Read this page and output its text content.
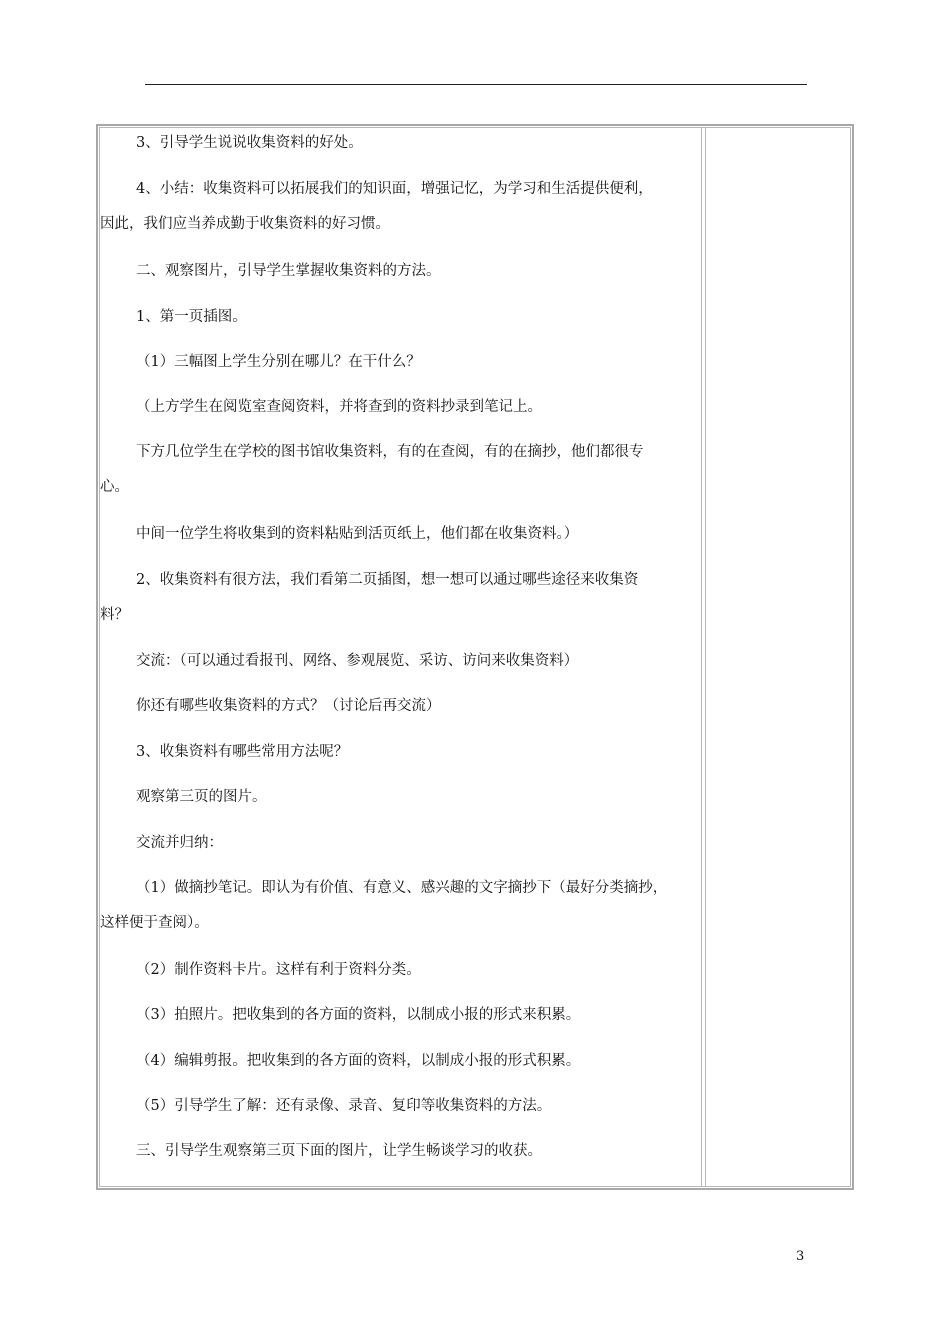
3、引导学生说说收集资料的好处。
4、小结：收集资料可以拓展我们的知识面，增强记忆，为学习和生活提供便利，
因此，我们应当养成勤于收集资料的好习惯。
二、观察图片，引导学生掌握收集资料的方法。
1、第一页插图。
（1）三幅图上学生分别在哪儿？在干什么？
（上方学生在阅览室查阅资料，并将查到的资料抄录到笔记上。
下方几位学生在学校的图书馆收集资料，有的在查阅，有的在摘抄，他们都很专
心。
中间一位学生将收集到的资料粘贴到活页纸上，他们都在收集资料。）
2、收集资料有很方法，我们看第二页插图，想一想可以通过哪些途径来收集资
料？
交流：（可以通过看报刊、网络、参观展览、采访、访问来收集资料）
你还有哪些收集资料的方式？（讨论后再交流）
3、收集资料有哪些常用方法呢？
观察第三页的图片。
交流并归纳：
（1）做摘抄笔记。即认为有价值、有意义、感兴趣的文字摘抄下（最好分类摘抄，
这样便于查阅）。
（2）制作资料卡片。这样有利于资料分类。
（3）拍照片。把收集到的各方面的资料，以制成小报的形式来积累。
（4）编辑剪报。把收集到的各方面的资料，以制成小报的形式积累。
（5）引导学生了解：还有录像、录音、复印等收集资料的方法。
三、引导学生观察第三页下面的图片，让学生畅谈学习的收获。
3
